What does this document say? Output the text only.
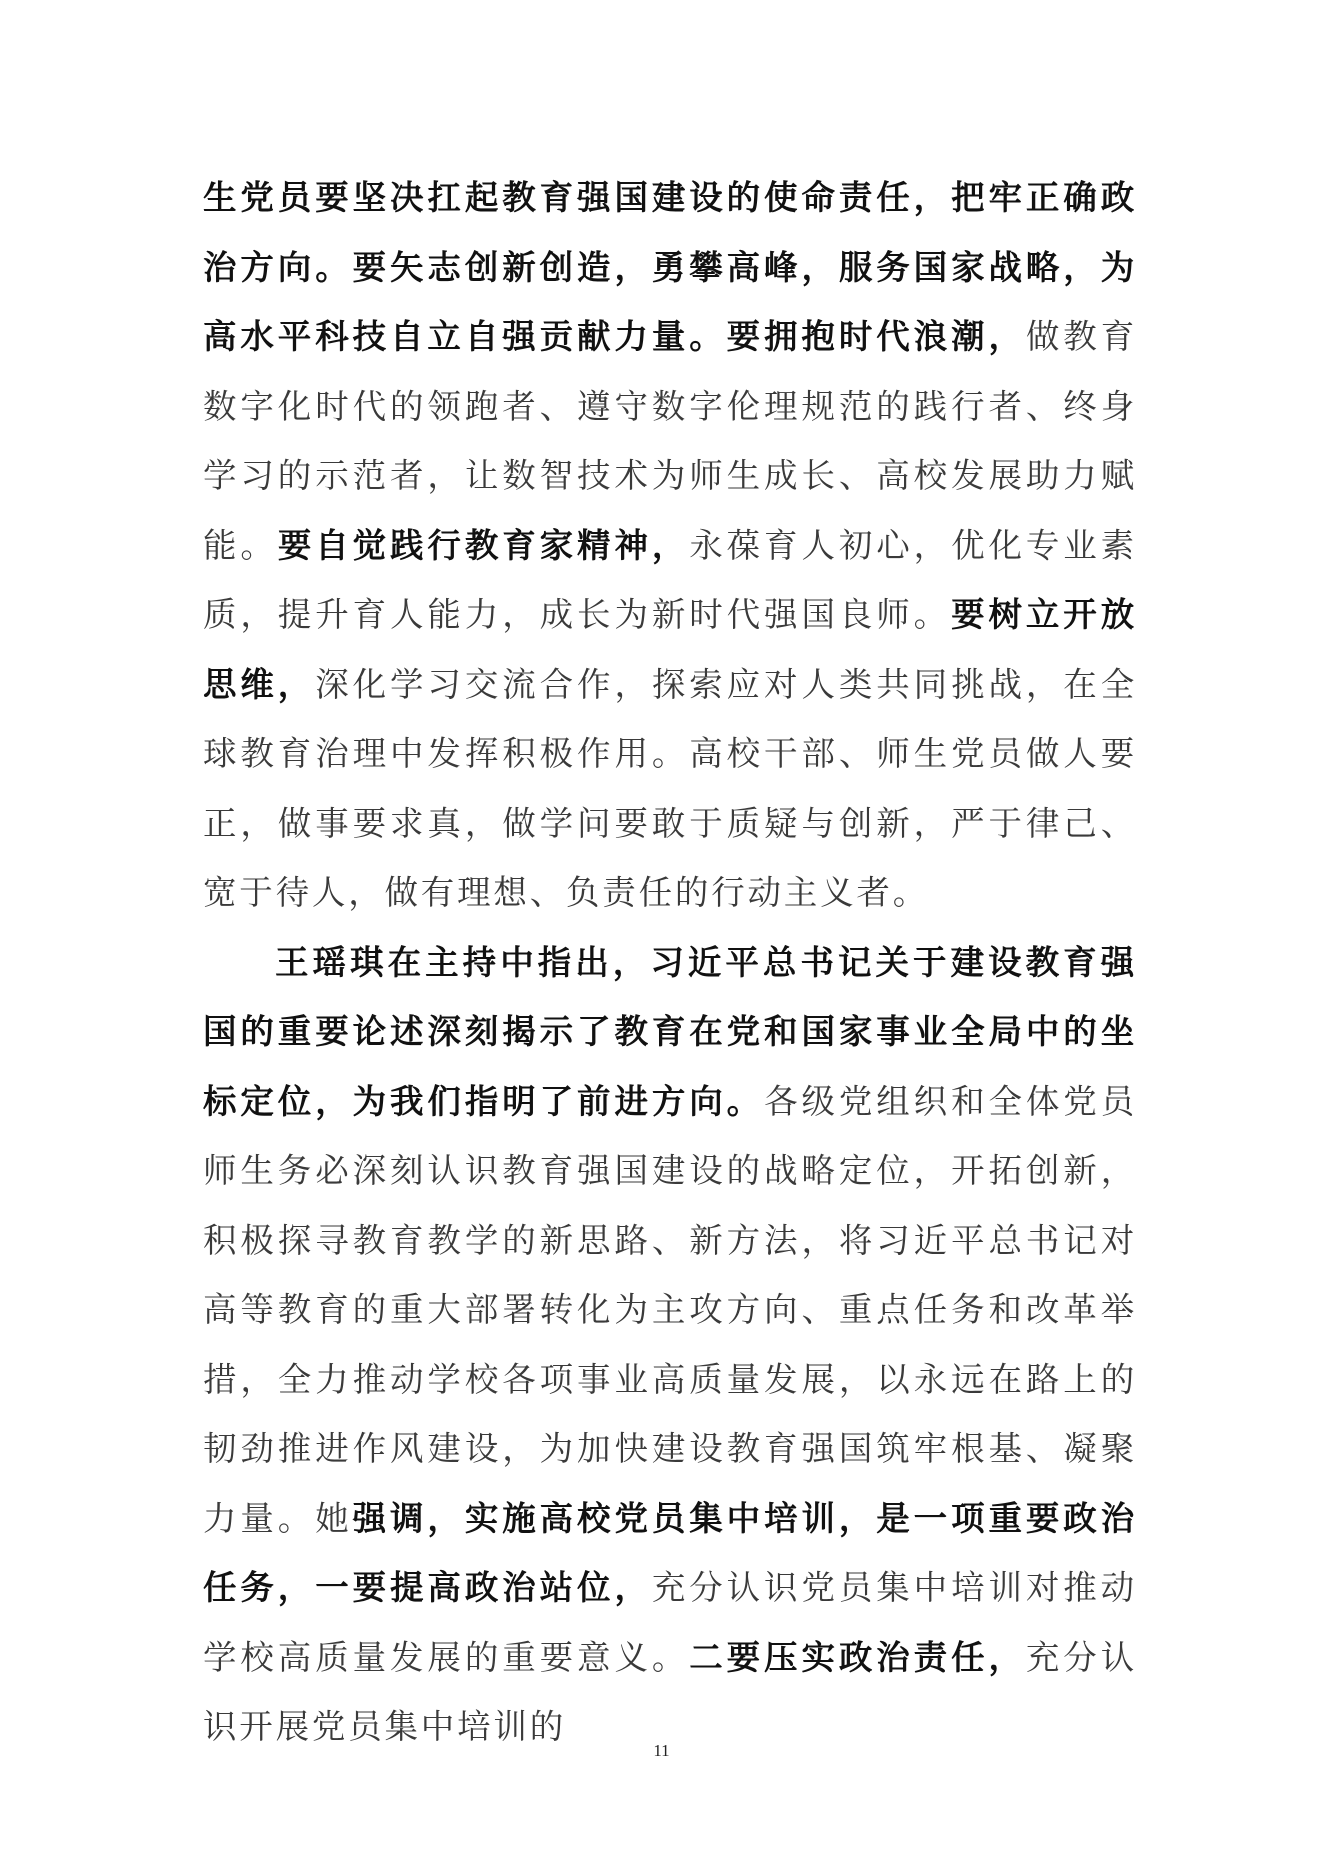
生党员要坚决扛起教育强国建设的使命责任，把牢正确政治方向。要矢志创新创造，勇攀高峰，服务国家战略，为高水平科技自立自强贡献力量。要拥抱时代浪潮，做教育数字化时代的领跑者、遵守数字伦理规范的践行者、终身学习的示范者，让数智技术为师生成长、高校发展助力赋能。要自觉践行教育家精神，永葆育人初心，优化专业素质，提升育人能力，成长为新时代强国良师。要树立开放思维，深化学习交流合作，探索应对人类共同挑战，在全球教育治理中发挥积极作用。高校干部、师生党员做人要正，做事要求真，做学问要敢于质疑与创新，严于律己、宽于待人，做有理想、负责任的行动主义者。

王瑶琪在主持中指出，习近平总书记关于建设教育强国的重要论述深刻揭示了教育在党和国家事业全局中的坐标定位，为我们指明了前进方向。各级党组织和全体党员师生务必深刻认识教育强国建设的战略定位，开拓创新，积极探寻教育教学的新思路、新方法，将习近平总书记对高等教育的重大部署转化为主攻方向、重点任务和改革举措，全力推动学校各项事业高质量发展，以永远在路上的韧劲推进作风建设，为加快建设教育强国筑牢根基、凝聚力量。她强调，实施高校党员集中培训，是一项重要政治任务，一要提高政治站位，充分认识党员集中培训对推动学校高质量发展的重要意义。二要压实政治责任，充分认识开展党员集中培训的

11
